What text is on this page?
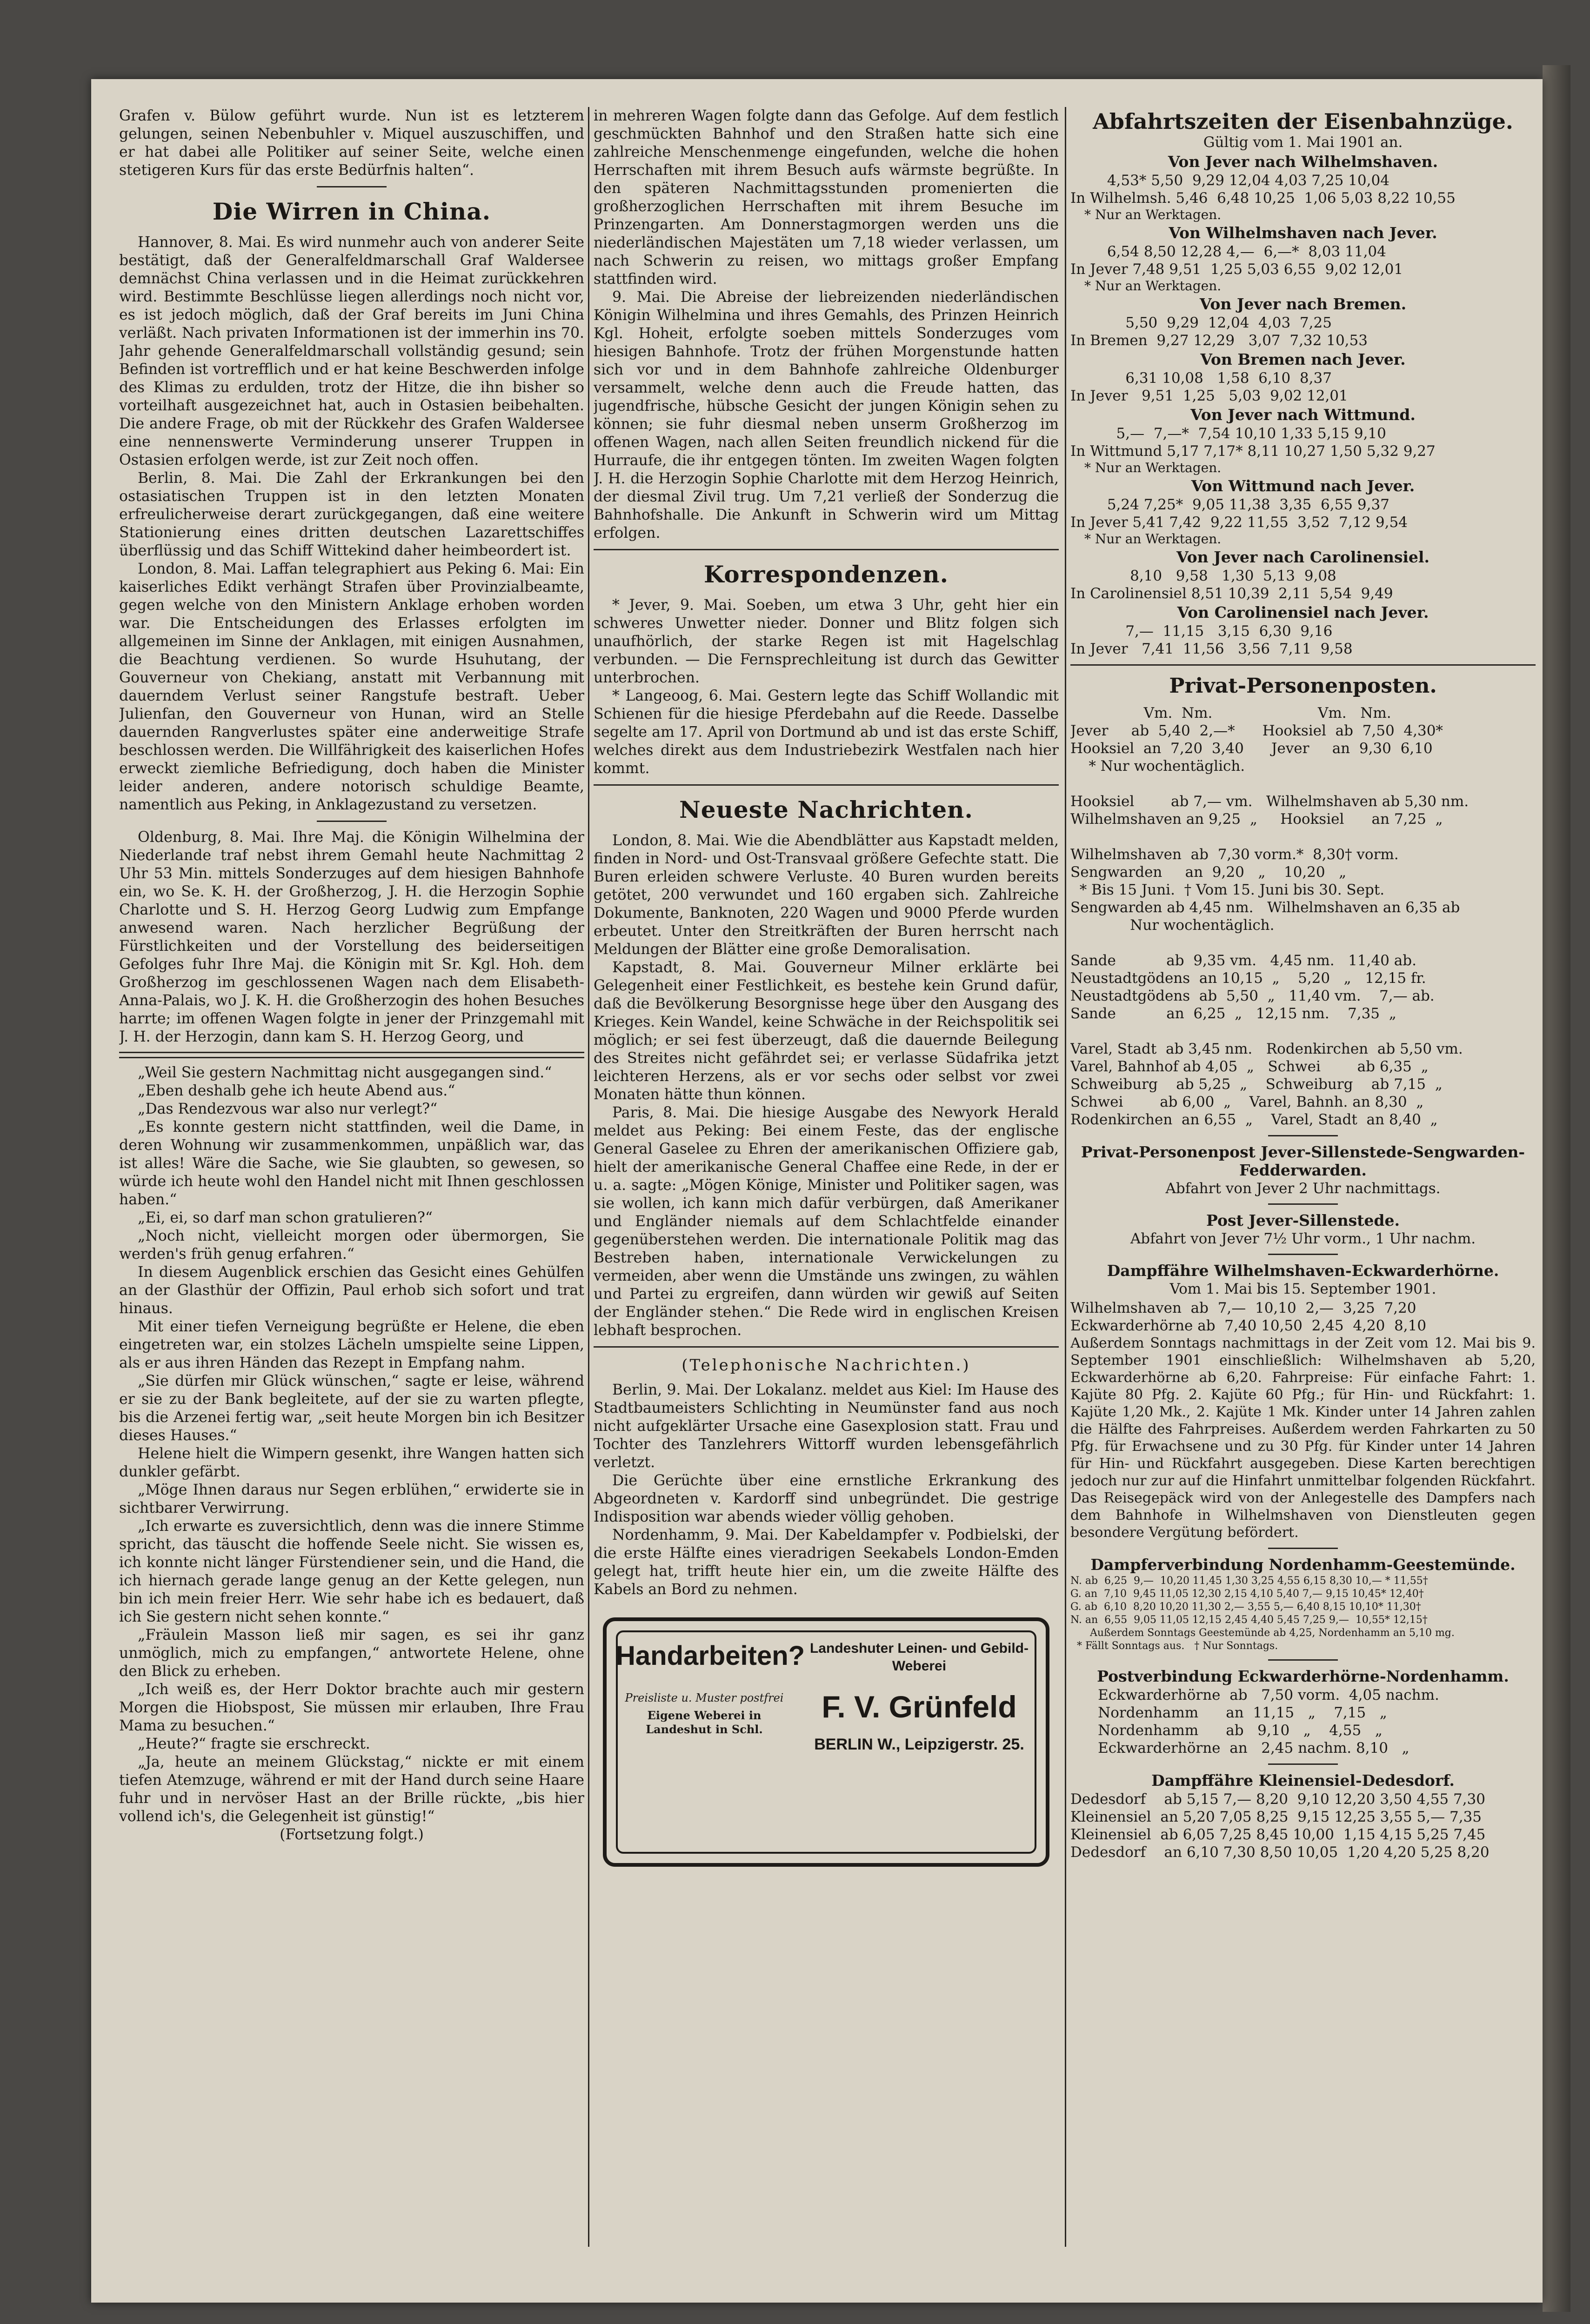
Grafen v. Bülow geführt wurde. Nun ist es letzterem gelungen, seinen Nebenbuhler v. Miquel auszuschiffen, und er hat dabei alle Politiker auf seiner Seite, welche einen stetigeren Kurs für das erste Bedürfnis halten“.

Die Wirren in China.

Hannover, 8. Mai. Es wird nunmehr auch von anderer Seite bestätigt, daß der Generalfeldmarschall Graf Waldersee demnächst China verlassen und in die Heimat zurückkehren wird. Bestimmte Beschlüsse liegen allerdings noch nicht vor, es ist jedoch möglich, daß der Graf bereits im Juni China verläßt. Nach privaten Informationen ist der immerhin ins 70. Jahr gehende Generalfeldmarschall vollständig gesund; sein Befinden ist vortrefflich und er hat keine Beschwerden infolge des Klimas zu erdulden, trotz der Hitze, die ihn bisher so vorteilhaft ausgezeichnet hat, auch in Ostasien beibehalten. Die andere Frage, ob mit der Rückkehr des Grafen Waldersee eine nennenswerte Verminderung unserer Truppen in Ostasien erfolgen werde, ist zur Zeit noch offen.

Berlin, 8. Mai. Die Zahl der Erkrankungen bei den ostasiatischen Truppen ist in den letzten Monaten erfreulicherweise derart zurückgegangen, daß eine weitere Stationierung eines dritten deutschen Lazarettschiffes überflüssig und das Schiff Wittekind daher heimbeordert ist.

London, 8. Mai. Laffan telegraphiert aus Peking 6. Mai: Ein kaiserliches Edikt verhängt Strafen über Provinzialbeamte, gegen welche von den Ministern Anklage erhoben worden war. Die Entscheidungen des Erlasses erfolgten im allgemeinen im Sinne der Anklagen, mit einigen Ausnahmen, die Beachtung verdienen. So wurde Hsuhutang, der Gouverneur von Chekiang, anstatt mit Verbannung mit dauerndem Verlust seiner Rangstufe bestraft. Ueber Julienfan, den Gouverneur von Hunan, wird an Stelle dauernden Rangverlustes später eine anderweitige Strafe beschlossen werden. Die Willfährigkeit des kaiserlichen Hofes erweckt ziemliche Befriedigung, doch haben die Minister leider anderen, andere notorisch schuldige Beamte, namentlich aus Peking, in Anklagezustand zu versetzen.

Oldenburg, 8. Mai. Ihre Maj. die Königin Wilhelmina der Niederlande traf nebst ihrem Gemahl heute Nachmittag 2 Uhr 53 Min. mittels Sonderzuges auf dem hiesigen Bahnhofe ein, wo Se. K. H. der Großherzog, J. H. die Herzogin Sophie Charlotte und S. H. Herzog Georg Ludwig zum Empfange anwesend waren. Nach herzlicher Begrüßung der Fürstlichkeiten und der Vorstellung des beiderseitigen Gefolges fuhr Ihre Maj. die Königin mit Sr. Kgl. Hoh. dem Großherzog im geschlossenen Wagen nach dem Elisabeth-Anna-Palais, wo J. K. H. die Großherzogin des hohen Besuches harrte; im offenen Wagen folgte in jener der Prinzgemahl mit J. H. der Herzogin, dann kam S. H. Herzog Georg, und

„Weil Sie gestern Nachmittag nicht ausgegangen sind.“

„Eben deshalb gehe ich heute Abend aus.“

„Das Rendezvous war also nur verlegt?“

„Es konnte gestern nicht stattfinden, weil die Dame, in deren Wohnung wir zusammenkommen, unpäßlich war, das ist alles! Wäre die Sache, wie Sie glaubten, so gewesen, so würde ich heute wohl den Handel nicht mit Ihnen geschlossen haben.“

„Ei, ei, so darf man schon gratulieren?“

„Noch nicht, vielleicht morgen oder übermorgen, Sie werden's früh genug erfahren.“

In diesem Augenblick erschien das Gesicht eines Gehülfen an der Glasthür der Offizin, Paul erhob sich sofort und trat hinaus.

Mit einer tiefen Verneigung begrüßte er Helene, die eben eingetreten war, ein stolzes Lächeln umspielte seine Lippen, als er aus ihren Händen das Rezept in Empfang nahm.

„Sie dürfen mir Glück wünschen,“ sagte er leise, während er sie zu der Bank begleitete, auf der sie zu warten pflegte, bis die Arzenei fertig war, „seit heute Morgen bin ich Besitzer dieses Hauses.“

Helene hielt die Wimpern gesenkt, ihre Wangen hatten sich dunkler gefärbt.

„Möge Ihnen daraus nur Segen erblühen,“ erwiderte sie in sichtbarer Verwirrung.

„Ich erwarte es zuversichtlich, denn was die innere Stimme spricht, das täuscht die hoffende Seele nicht. Sie wissen es, ich konnte nicht länger Fürstendiener sein, und die Hand, die ich hiernach gerade lange genug an der Kette gelegen, nun bin ich mein freier Herr. Wie sehr habe ich es bedauert, daß ich Sie gestern nicht sehen konnte.“

„Fräulein Masson ließ mir sagen, es sei ihr ganz unmöglich, mich zu empfangen,“ antwortete Helene, ohne den Blick zu erheben.

„Ich weiß es, der Herr Doktor brachte auch mir gestern Morgen die Hiobspost, Sie müssen mir erlauben, Ihre Frau Mama zu besuchen.“

„Heute?“ fragte sie erschreckt.

„Ja, heute an meinem Glückstag,“ nickte er mit einem tiefen Atemzuge, während er mit der Hand durch seine Haare fuhr und in nervöser Hast an der Brille rückte, „bis hier vollend ich's, die Gelegenheit ist günstig!“

(Fortsetzung folgt.)

in mehreren Wagen folgte dann das Gefolge. Auf dem festlich geschmückten Bahnhof und den Straßen hatte sich eine zahlreiche Menschenmenge eingefunden, welche die hohen Herrschaften mit ihrem Besuch aufs wärmste begrüßte. In den späteren Nachmittagsstunden promenierten die großherzoglichen Herrschaften mit ihrem Besuche im Prinzengarten. Am Donnerstagmorgen werden uns die niederländischen Majestäten um 7,18 wieder verlassen, um nach Schwerin zu reisen, wo mittags großer Empfang stattfinden wird.

9. Mai. Die Abreise der liebreizenden niederländischen Königin Wilhelmina und ihres Gemahls, des Prinzen Heinrich Kgl. Hoheit, erfolgte soeben mittels Sonderzuges vom hiesigen Bahnhofe. Trotz der frühen Morgenstunde hatten sich vor und in dem Bahnhofe zahlreiche Oldenburger versammelt, welche denn auch die Freude hatten, das jugendfrische, hübsche Gesicht der jungen Königin sehen zu können; sie fuhr diesmal neben unserm Großherzog im offenen Wagen, nach allen Seiten freundlich nickend für die Hurraufe, die ihr entgegen tönten. Im zweiten Wagen folgten J. H. die Herzogin Sophie Charlotte mit dem Herzog Heinrich, der diesmal Zivil trug. Um 7,21 verließ der Sonderzug die Bahnhofshalle. Die Ankunft in Schwerin wird um Mittag erfolgen.

Korrespondenzen.

* Jever, 9. Mai. Soeben, um etwa 3 Uhr, geht hier ein schweres Unwetter nieder. Donner und Blitz folgen sich unaufhörlich, der starke Regen ist mit Hagelschlag verbunden. — Die Fernsprechleitung ist durch das Gewitter unterbrochen.

* Langeoog, 6. Mai. Gestern legte das Schiff Wollandic mit Schienen für die hiesige Pferdebahn auf die Reede. Dasselbe segelte am 17. April von Dortmund ab und ist das erste Schiff, welches direkt aus dem Industriebezirk Westfalen nach hier kommt.

Neueste Nachrichten.

London, 8. Mai. Wie die Abendblätter aus Kapstadt melden, finden in Nord- und Ost-Transvaal größere Gefechte statt. Die Buren erleiden schwere Verluste. 40 Buren wurden bereits getötet, 200 verwundet und 160 ergaben sich. Zahlreiche Dokumente, Banknoten, 220 Wagen und 9000 Pferde wurden erbeutet. Unter den Streitkräften der Buren herrscht nach Meldungen der Blätter eine große Demoralisation.

Kapstadt, 8. Mai. Gouverneur Milner erklärte bei Gelegenheit einer Festlichkeit, es bestehe kein Grund dafür, daß die Bevölkerung Besorgnisse hege über den Ausgang des Krieges. Kein Wandel, keine Schwäche in der Reichspolitik sei möglich; er sei fest überzeugt, daß die dauernde Beilegung des Streites nicht gefährdet sei; er verlasse Südafrika jetzt leichteren Herzens, als er vor sechs oder selbst vor zwei Monaten hätte thun können.

Paris, 8. Mai. Die hiesige Ausgabe des Newyork Herald meldet aus Peking: Bei einem Feste, das der englische General Gaselee zu Ehren der amerikanischen Offiziere gab, hielt der amerikanische General Chaffee eine Rede, in der er u. a. sagte: „Mögen Könige, Minister und Politiker sagen, was sie wollen, ich kann mich dafür verbürgen, daß Amerikaner und Engländer niemals auf dem Schlachtfelde einander gegenüberstehen werden. Die internationale Politik mag das Bestreben haben, internationale Verwickelungen zu vermeiden, aber wenn die Umstände uns zwingen, zu wählen und Partei zu ergreifen, dann würden wir gewiß auf Seiten der Engländer stehen.“ Die Rede wird in englischen Kreisen lebhaft besprochen.

(Telephonische Nachrichten.)

Berlin, 9. Mai. Der Lokalanz. meldet aus Kiel: Im Hause des Stadtbaumeisters Schlichting in Neumünster fand aus noch nicht aufgeklärter Ursache eine Gasexplosion statt. Frau und Tochter des Tanzlehrers Wittorff wurden lebensgefährlich verletzt.

Die Gerüchte über eine ernstliche Erkrankung des Abgeordneten v. Kardorff sind unbegründet. Die gestrige Indisposition war abends wieder völlig gehoben.

Nordenhamm, 9. Mai. Der Kabeldampfer v. Podbielski, der die erste Hälfte eines vieradrigen Seekabels London-Emden gelegt hat, trifft heute hier ein, um die zweite Hälfte des Kabels an Bord zu nehmen.

Handarbeiten?
Preisliste u. Muster postfrei
Eigene Weberei in Landeshut in Schl.
Landeshuter Leinen- und Gebild-Weberei
F. V. Grünfeld
BERLIN W., Leipzigerstr. 25.
Abfahrtszeiten der Eisenbahnzüge.
Gültig vom 1. Mai 1901 an.
Von Jever nach Wilhelmshaven.
4,53* 5,50  9,29 12,04 4,03 7,25 10,04
In Wilhelmsh. 5,46  6,48 10,25  1,06 5,03 8,22 10,55
* Nur an Werktagen.
Von Wilhelmshaven nach Jever.
6,54 8,50 12,28 4,—  6,—*  8,03 11,04
In Jever 7,48 9,51  1,25 5,03 6,55  9,02 12,01
* Nur an Werktagen.
Von Jever nach Bremen.
5,50  9,29  12,04  4,03  7,25
In Bremen  9,27 12,29   3,07  7,32 10,53
Von Bremen nach Jever.
6,31 10,08   1,58  6,10  8,37
In Jever   9,51  1,25   5,03  9,02 12,01
Von Jever nach Wittmund.
5,—  7,—*  7,54 10,10 1,33 5,15 9,10
In Wittmund 5,17 7,17* 8,11 10,27 1,50 5,32 9,27
* Nur an Werktagen.
Von Wittmund nach Jever.
5,24 7,25*  9,05 11,38  3,35  6,55 9,37
In Jever 5,41 7,42  9,22 11,55  3,52  7,12 9,54
* Nur an Werktagen.
Von Jever nach Carolinensiel.
8,10   9,58   1,30  5,13  9,08
In Carolinensiel 8,51 10,39  2,11  5,54  9,49
Von Carolinensiel nach Jever.
7,—  11,15   3,15  6,30  9,16
In Jever   7,41  11,56   3,56  7,11  9,58
Privat-Personenposten.
Vm.  Nm.                       Vm.   Nm.
Jever     ab  5,40  2,—*      Hooksiel  ab  7,50  4,30*
Hooksiel  an  7,20  3,40      Jever     an  9,30  6,10
* Nur wochentäglich.

Hooksiel        ab 7,— vm.   Wilhelmshaven ab 5,30 nm.
Wilhelmshaven an 9,25  „     Hooksiel      an 7,25  „

Wilhelmshaven  ab  7,30 vorm.*  8,30† vorm.
Sengwarden     an  9,20   „    10,20   „
* Bis 15 Juni.  † Vom 15. Juni bis 30. Sept.
Sengwarden ab 4,45 nm.   Wilhelmshaven an 6,35 ab
Nur wochentäglich.

Sande           ab  9,35 vm.   4,45 nm.   11,40 ab.
Neustadtgödens  an 10,15  „    5,20   „   12,15 fr.
Neustadtgödens  ab  5,50  „   11,40 vm.    7,— ab.
Sande           an  6,25  „   12,15 nm.    7,35  „

Varel, Stadt  ab 3,45 nm.   Rodenkirchen  ab 5,50 vm.
Varel, Bahnhof ab 4,05  „   Schwei        ab 6,35  „
Schweiburg    ab 5,25  „    Schweiburg    ab 7,15  „
Schwei        ab 6,00  „    Varel, Bahnh. an 8,30  „
Rodenkirchen  an 6,55  „    Varel, Stadt  an 8,40  „
Privat-Personenpost Jever-Sillenstede-Sengwarden-Fedderwarden.
Abfahrt von Jever 2 Uhr nachmittags.
Post Jever-Sillenstede.
Abfahrt von Jever 7½ Uhr vorm., 1 Uhr nachm.
Dampffähre Wilhelmshaven-Eckwarderhörne.
Vom 1. Mai bis 15. September 1901.
Wilhelmshaven  ab  7,—  10,10  2,—  3,25  7,20
Eckwarderhörne ab  7,40 10,50  2,45  4,20  8,10

Außerdem Sonntags nachmittags in der Zeit vom 12. Mai bis 9. September 1901 einschließlich: Wilhelmshaven ab 5,20, Eckwarderhörne ab 6,20. Fahrpreise: Für einfache Fahrt: 1. Kajüte 80 Pfg. 2. Kajüte 60 Pfg.; für Hin- und Rückfahrt: 1. Kajüte 1,20 Mk., 2. Kajüte 1 Mk. Kinder unter 14 Jahren zahlen die Hälfte des Fahrpreises. Außerdem werden Fahrkarten zu 50 Pfg. für Erwachsene und zu 30 Pfg. für Kinder unter 14 Jahren für Hin- und Rückfahrt ausgegeben. Diese Karten berechtigen jedoch nur zur auf die Hinfahrt unmittelbar folgenden Rückfahrt. Das Reisegepäck wird von der Anlegestelle des Dampfers nach dem Bahnhofe in Wilhelmshaven von Dienstleuten gegen besondere Vergütung befördert.

Dampferverbindung Nordenhamm-Geestemünde.
N. ab  6,25  9,—  10,20 11,45 1,30 3,25 4,55 6,15 8,30 10,— * 11,55†
G. an  7,10  9,45 11,05 12,30 2,15 4,10 5,40 7,— 9,15 10,45* 12,40†
G. ab  6,10  8,20 10,20 11,30 2,— 3,55 5,— 6,40 8,15 10,10* 11,30†
N. an  6,55  9,05 11,05 12,15 2,45 4,40 5,45 7,25 9,—  10,55* 12,15†
Außerdem Sonntags Geestemünde ab 4,25, Nordenhamm an 5,10 mg.
* Fällt Sonntags aus.   † Nur Sonntags.
Postverbindung Eckwarderhörne-Nordenhamm.
Eckwarderhörne  ab   7,50 vorm.  4,05 nachm.
Nordenhamm      an  11,15   „    7,15   „
Nordenhamm      ab   9,10   „    4,55   „
Eckwarderhörne  an   2,45 nachm. 8,10   „
Dampffähre Kleinensiel-Dedesdorf.
Dedesdorf    ab 5,15 7,— 8,20  9,10 12,20 3,50 4,55 7,30
Kleinensiel  an 5,20 7,05 8,25  9,15 12,25 3,55 5,— 7,35
Kleinensiel  ab 6,05 7,25 8,45 10,00  1,15 4,15 5,25 7,45
Dedesdorf    an 6,10 7,30 8,50 10,05  1,20 4,20 5,25 8,20
